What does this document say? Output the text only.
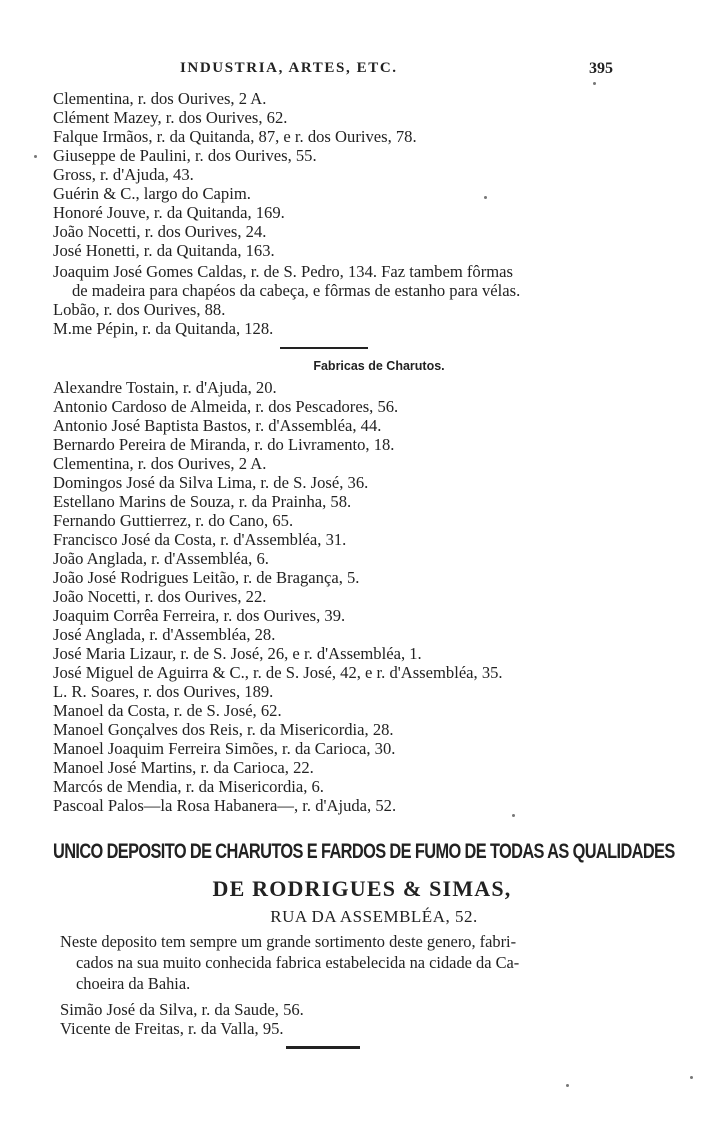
INDUSTRIA, ARTES, ETC.	395
Clementina, r. dos Ourives, 2 A.
Clément Mazey, r. dos Ourives, 62.
Falque Irmãos, r. da Quitanda, 87, e r. dos Ourives, 78.
Giuseppe de Paulini, r. dos Ourives, 55.
Gross, r. d'Ajuda, 43.
Guérin & C., largo do Capim.
Honoré Jouve, r. da Quitanda, 169.
João Nocetti, r. dos Ourives, 24.
José Honetti, r. da Quitanda, 163.
Joaquim José Gomes Caldas, r. de S. Pedro, 134. Faz tambem fôrmas
de madeira para chapéos da cabeça, e fôrmas de estanho para vélas.
Lobão, r. dos Ourives, 88.
M.me Pépin, r. da Quitanda, 128.
Fabricas de Charutos.
Alexandre Tostain, r. d'Ajuda, 20.
Antonio Cardoso de Almeida, r. dos Pescadores, 56.
Antonio José Baptista Bastos, r. d'Assembléa, 44.
Bernardo Pereira de Miranda, r. do Livramento, 18.
Clementina, r. dos Ourives, 2 A.
Domingos José da Silva Lima, r. de S. José, 36.
Estellano Marins de Souza, r. da Prainha, 58.
Fernando Guttierrez, r. do Cano, 65.
Francisco José da Costa, r. d'Assembléa, 31.
João Anglada, r. d'Assembléa, 6.
João José Rodrigues Leitão, r. de Bragança, 5.
João Nocetti, r. dos Ourives, 22.
Joaquim Corrêa Ferreira, r. dos Ourives, 39.
José Anglada, r. d'Assembléa, 28.
José Maria Lizaur, r. de S. José, 26, e r. d'Assembléa, 1.
José Miguel de Aguirra & C., r. de S. José, 42, e r. d'Assembléa, 35.
L. R. Soares, r. dos Ourives, 189.
Manoel da Costa, r. de S. José, 62.
Manoel Gonçalves dos Reis, r. da Misericordia, 28.
Manoel Joaquim Ferreira Simões, r. da Carioca, 30.
Manoel José Martins, r. da Carioca, 22.
Marcós de Mendia, r. da Misericordia, 6.
Pascoal Palos—la Rosa Habanera—, r. d'Ajuda, 52.
UNICO DEPOSITO DE CHARUTOS E FARDOS DE FUMO DE TODAS AS QUALIDADES
DE RODRIGUES & SIMAS,
RUA DA ASSEMBLÉA, 52.
Neste deposito tem sempre um grande sortimento deste genero, fabri-
cados na sua muito conhecida fabrica estabelecida na cidade da Ca-
choeira da Bahia.
Simão José da Silva, r. da Saude, 56.
Vicente de Freitas, r. da Valla, 95.
